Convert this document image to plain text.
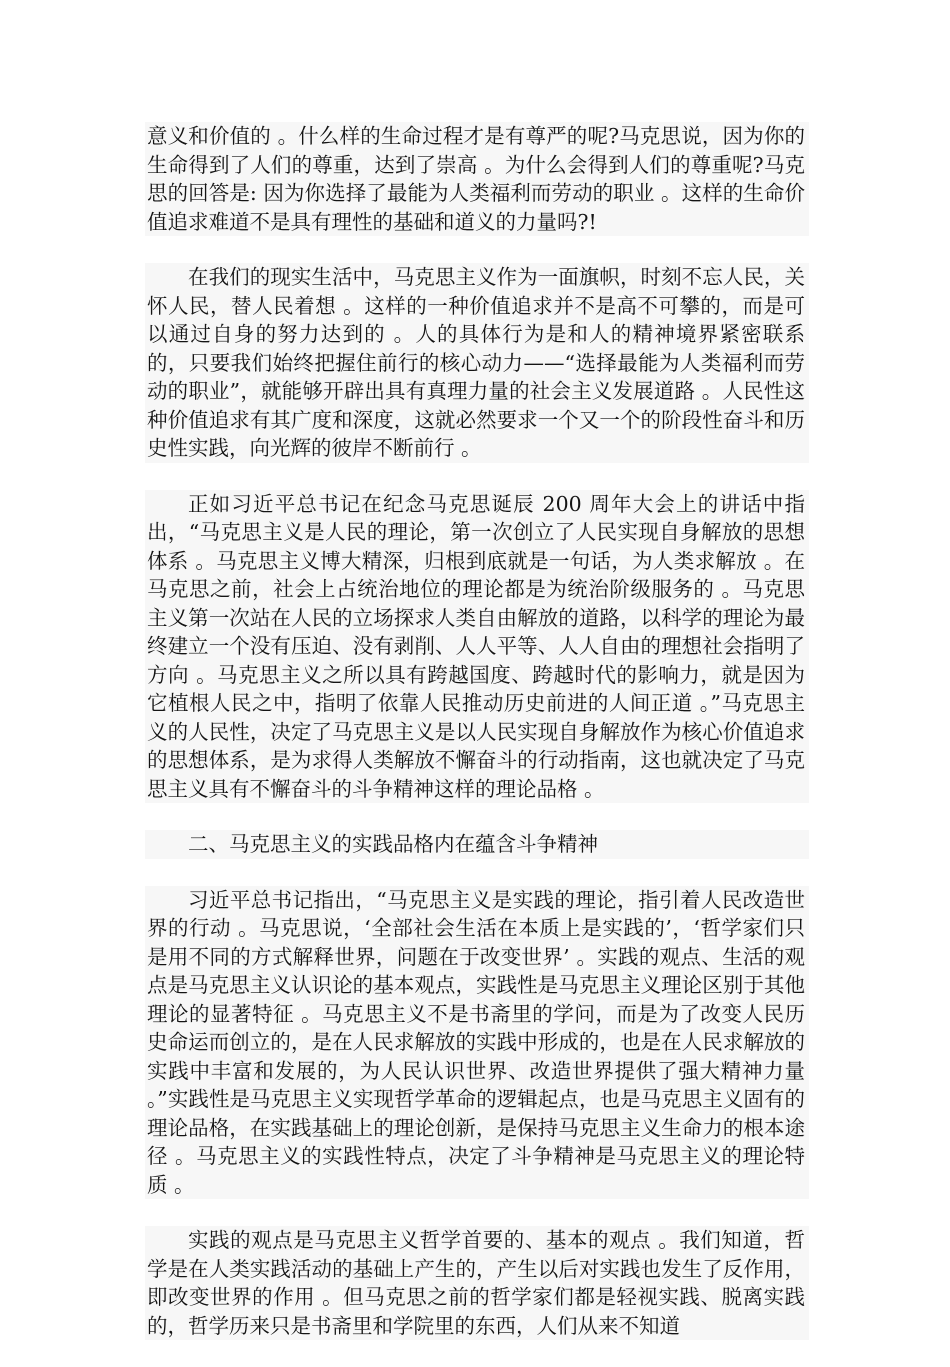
意义和价值的 。什么样的生命过程才是有尊严的呢?马克思说，因为你的生命得到了人们的尊重，达到了崇高 。为什么会得到人们的尊重呢?马克思的回答是: 因为你选择了最能为人类福利而劳动的职业 。这样的生命价值追求难道不是具有理性的基础和道义的力量吗?!

在我们的现实生活中，马克思主义作为一面旗帜，时刻不忘人民，关怀人民，替人民着想 。这样的一种价值追求并不是高不可攀的，而是可以通过自身的努力达到的 。人的具体行为是和人的精神境界紧密联系的，只要我们始终把握住前行的核心动力——“选择最能为人类福利而劳动的职业”，就能够开辟出具有真理力量的社会主义发展道路 。人民性这种价值追求有其广度和深度，这就必然要求一个又一个的阶段性奋斗和历史性实践，向光辉的彼岸不断前行 。

正如习近平总书记在纪念马克思诞辰 200 周年大会上的讲话中指出，“马克思主义是人民的理论，第一次创立了人民实现自身解放的思想体系 。马克思主义博大精深，归根到底就是一句话，为人类求解放 。在马克思之前，社会上占统治地位的理论都是为统治阶级服务的 。马克思主义第一次站在人民的立场探求人类自由解放的道路，以科学的理论为最终建立一个没有压迫、没有剥削、人人平等、人人自由的理想社会指明了方向 。马克思主义之所以具有跨越国度、跨越时代的影响力，就是因为它植根人民之中，指明了依靠人民推动历史前进的人间正道 。”马克思主义的人民性，决定了马克思主义是以人民实现自身解放作为核心价值追求的思想体系，是为求得人类解放不懈奋斗的行动指南，这也就决定了马克思主义具有不懈奋斗的斗争精神这样的理论品格 。

二、马克思主义的实践品格内在蕴含斗争精神

习近平总书记指出，“马克思主义是实践的理论，指引着人民改造世界的行动 。马克思说，‘全部社会生活在本质上是实践的’，‘哲学家们只是用不同的方式解释世界，问题在于改变世界’ 。实践的观点、生活的观点是马克思主义认识论的基本观点，实践性是马克思主义理论区别于其他理论的显著特征 。马克思主义不是书斋里的学问，而是为了改变人民历史命运而创立的，是在人民求解放的实践中形成的，也是在人民求解放的实践中丰富和发展的，为人民认识世界、改造世界提供了强大精神力量 。”实践性是马克思主义实现哲学革命的逻辑起点，也是马克思主义固有的理论品格，在实践基础上的理论创新，是保持马克思主义生命力的根本途径 。马克思主义的实践性特点，决定了斗争精神是马克思主义的理论特质 。

实践的观点是马克思主义哲学首要的、基本的观点 。我们知道，哲学是在人类实践活动的基础上产生的，产生以后对实践也发生了反作用，即改变世界的作用 。但马克思之前的哲学家们都是轻视实践、脱离实践的，哲学历来只是书斋里和学院里的东西，人们从来不知道
